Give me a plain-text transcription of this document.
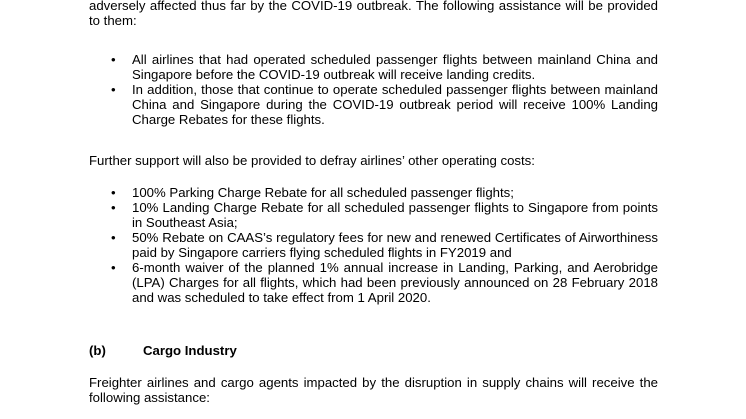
adversely affected thus far by the COVID-19 outbreak. The following assistance will be provided to them:

•	All airlines that had operated scheduled passenger flights between mainland China and Singapore before the COVID-19 outbreak will receive landing credits.
•	In addition, those that continue to operate scheduled passenger flights between mainland China and Singapore during the COVID-19 outbreak period will receive 100% Landing Charge Rebates for these flights.

Further support will also be provided to defray airlines’ other operating costs:

•	100% Parking Charge Rebate for all scheduled passenger flights;
•	10% Landing Charge Rebate for all scheduled passenger flights to Singapore from points in Southeast Asia;
•	50% Rebate on CAAS’s regulatory fees for new and renewed Certificates of Airworthiness paid by Singapore carriers flying scheduled flights in FY2019 and
•	6-month waiver of the planned 1% annual increase in Landing, Parking, and Aerobridge (LPA) Charges for all flights, which had been previously announced on 28 February 2018 and was scheduled to take effect from 1 April 2020.
(b)	Cargo Industry

Freighter airlines and cargo agents impacted by the disruption in supply chains will receive the following assistance:
